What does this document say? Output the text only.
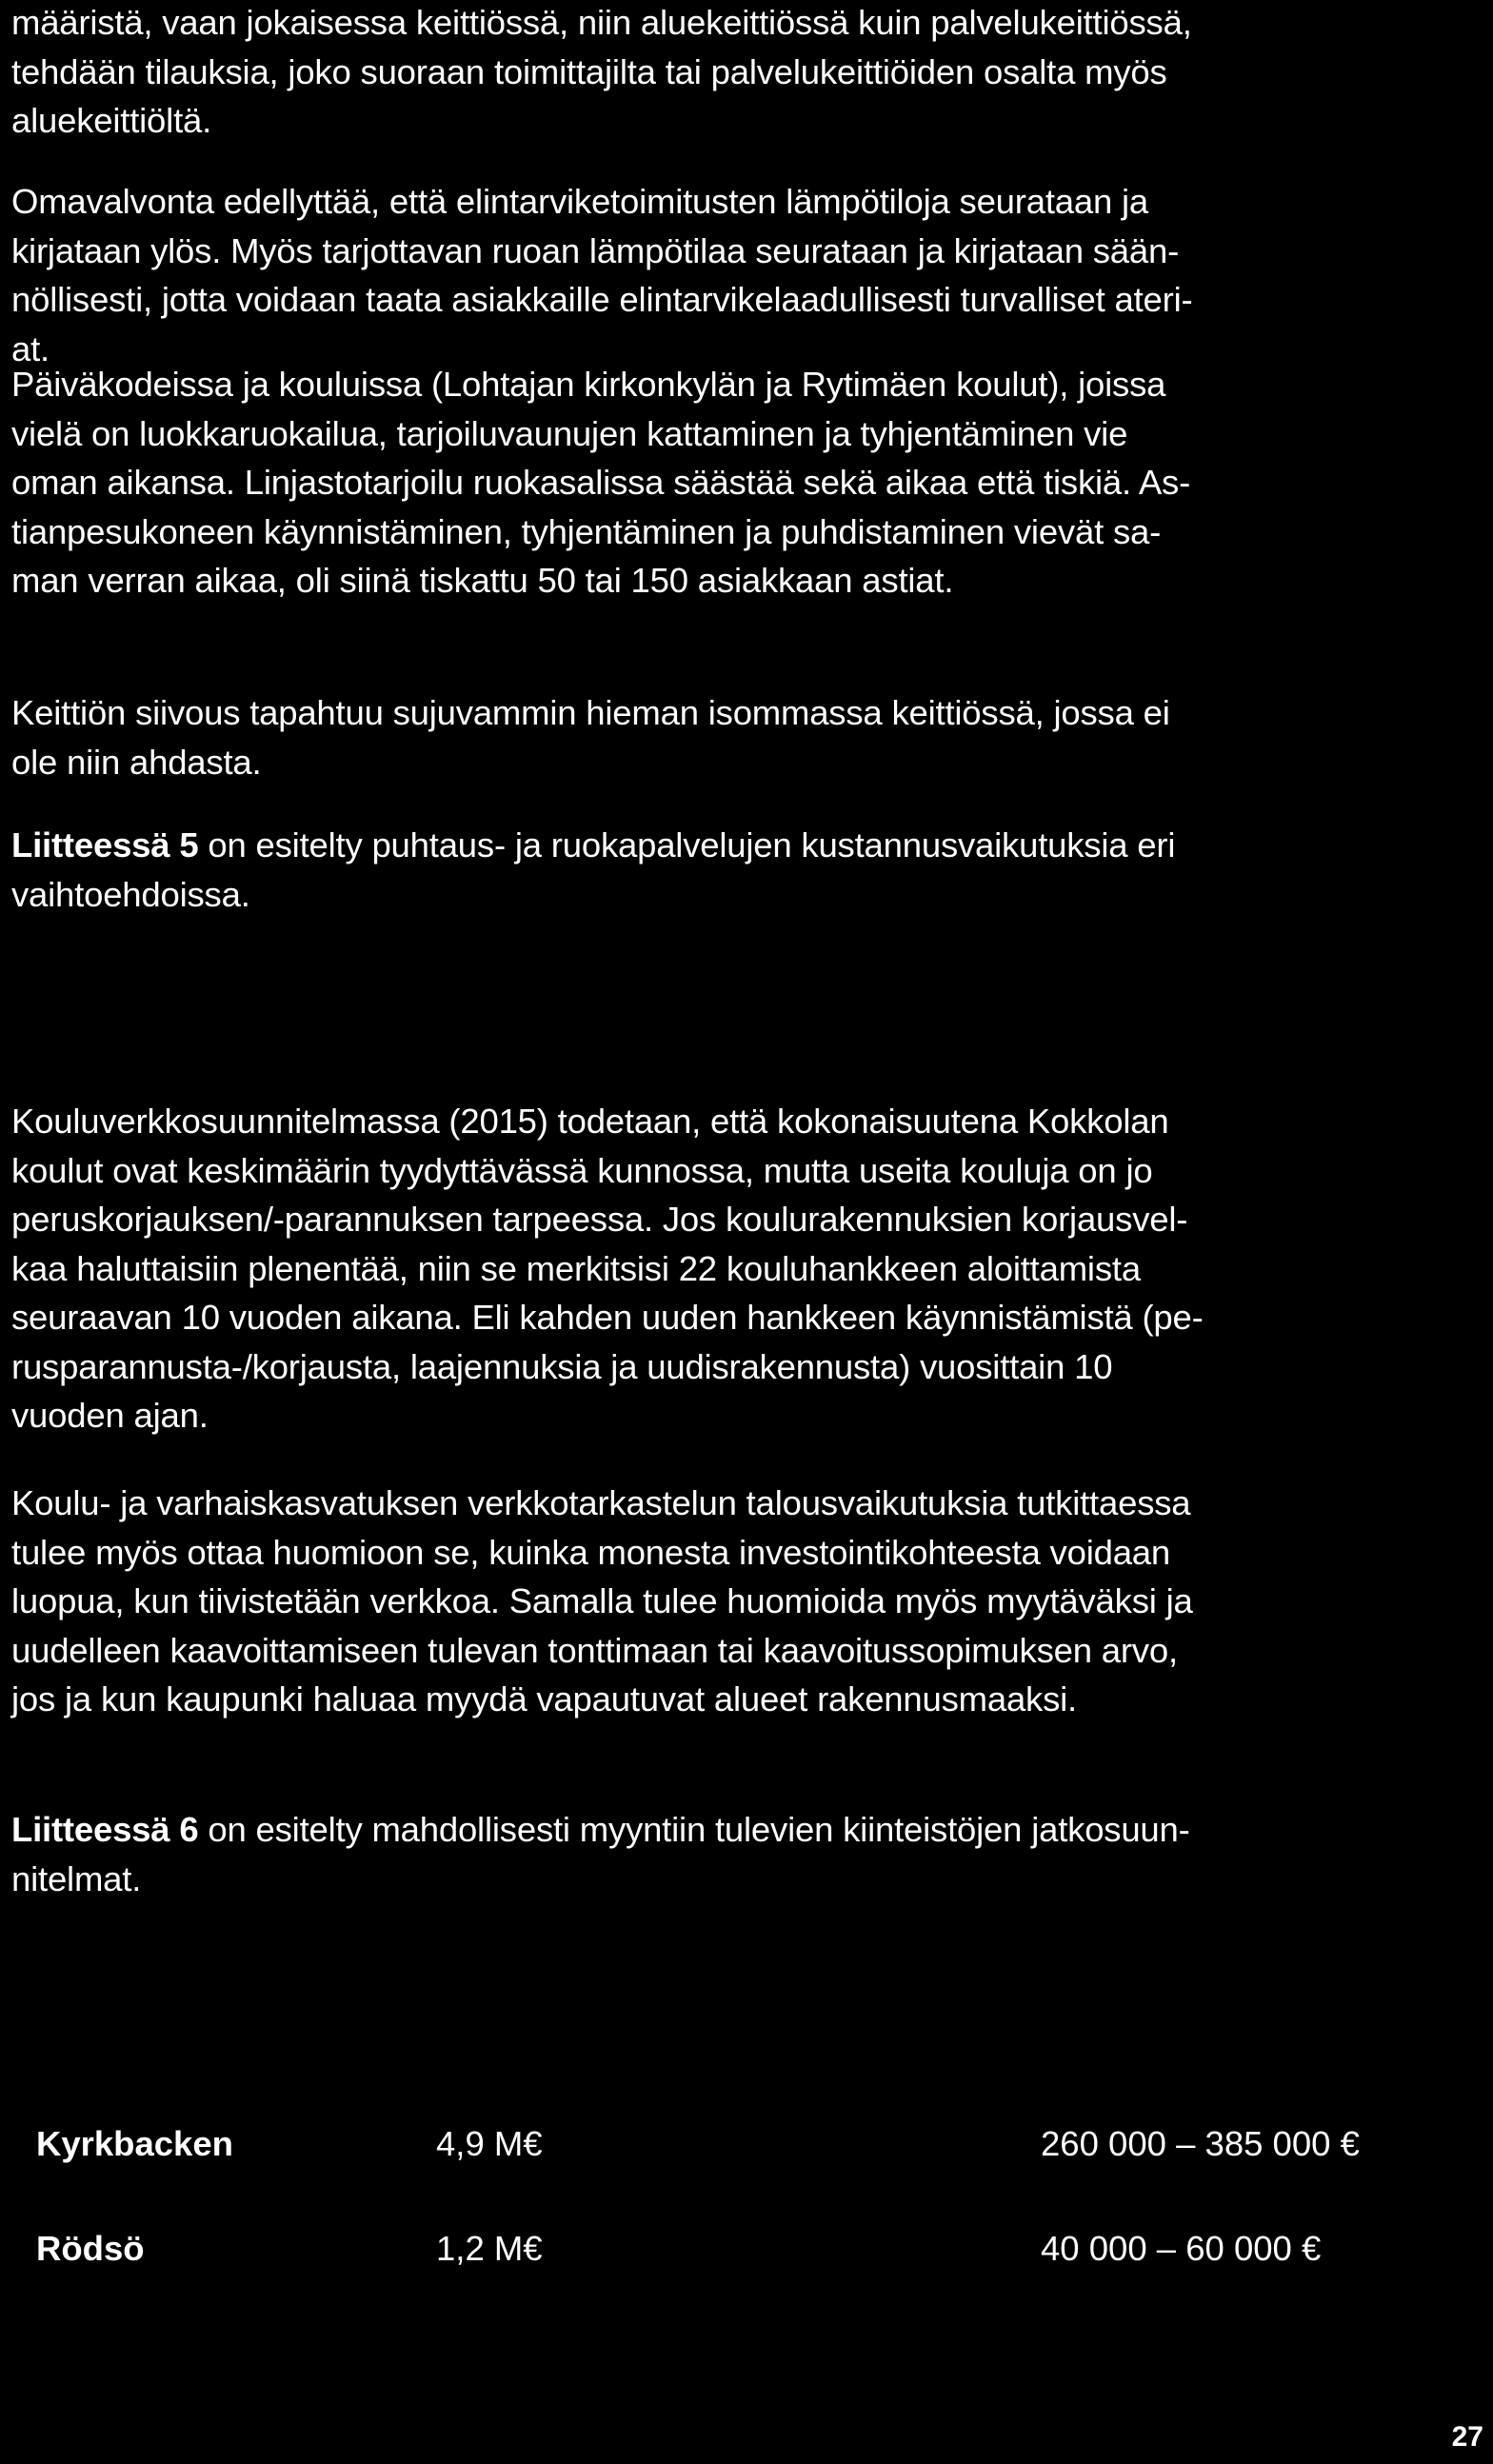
määristä, vaan jokaisessa keittiössä, niin aluekeittiössä kuin palvelukeittiössä,
tehdään tilauksia, joko suoraan toimittajilta tai palvelukeittiöiden osalta myös
aluekeittiöltä.

Omavalvonta edellyttää, että elintarviketoimitusten lämpötiloja seurataan ja
kirjataan ylös. Myös tarjottavan ruoan lämpötilaa seurataan ja kirjataan sään-
nöllisesti, jotta voidaan taata asiakkaille elintarvikelaadullisesti turvalliset ateri-
at.

Päiväkodeissa ja kouluissa (Lohtajan kirkonkylän ja Rytimäen koulut), joissa
vielä on luokkaruokailua, tarjoiluvaunujen kattaminen ja tyhjentäminen vie
oman aikansa. Linjastotarjoilu ruokasalissa säästää sekä aikaa että tiskiä. As-
tianpesukoneen käynnistäminen, tyhjentäminen ja puhdistaminen vievät sa-
man verran aikaa, oli siinä tiskattu 50 tai 150 asiakkaan astiat.

Keittiön siivous tapahtuu sujuvammin hieman isommassa keittiössä, jossa ei
ole niin ahdasta.

Liitteessä 5 on esitelty puhtaus- ja ruokapalvelujen kustannusvaikutuksia eri
vaihtoehdoissa.

Kouluverkkosuunnitelmassa (2015) todetaan, että kokonaisuutena Kokkolan
koulut ovat keskimäärin tyydyttävässä kunnossa, mutta useita kouluja on jo
peruskorjauksen/-parannuksen tarpeessa. Jos koulurakennuksien korjausvel-
kaa haluttaisiin plenentää, niin se merkitsisi 22 kouluhankkeen aloittamista
seuraavan 10 vuoden aikana. Eli kahden uuden hankkeen käynnistämistä (pe-
rusparannusta-/korjausta, laajennuksia ja uudisrakennusta) vuosittain 10
vuoden ajan.

Koulu- ja varhaiskasvatuksen verkkotarkastelun talousvaikutuksia tutkittaessa
tulee myös ottaa huomioon se, kuinka monesta investointikohteesta voidaan
luopua, kun tiivistetään verkkoa. Samalla tulee huomioida myös myytäväksi ja
uudelleen kaavoittamiseen tulevan tonttimaan tai kaavoitussopimuksen arvo,
jos ja kun kaupunki haluaa myydä vapautuvat alueet rakennusmaaksi.

Liitteessä 6 on esitelty mahdollisesti myyntiin tulevien kiinteistöjen jatkosuun-
nitelmat.

Kyrkbacken	4,9 M€	260 000 – 385 000 €
Rödsö	1,2 M€	40 000 – 60 000 €
27
